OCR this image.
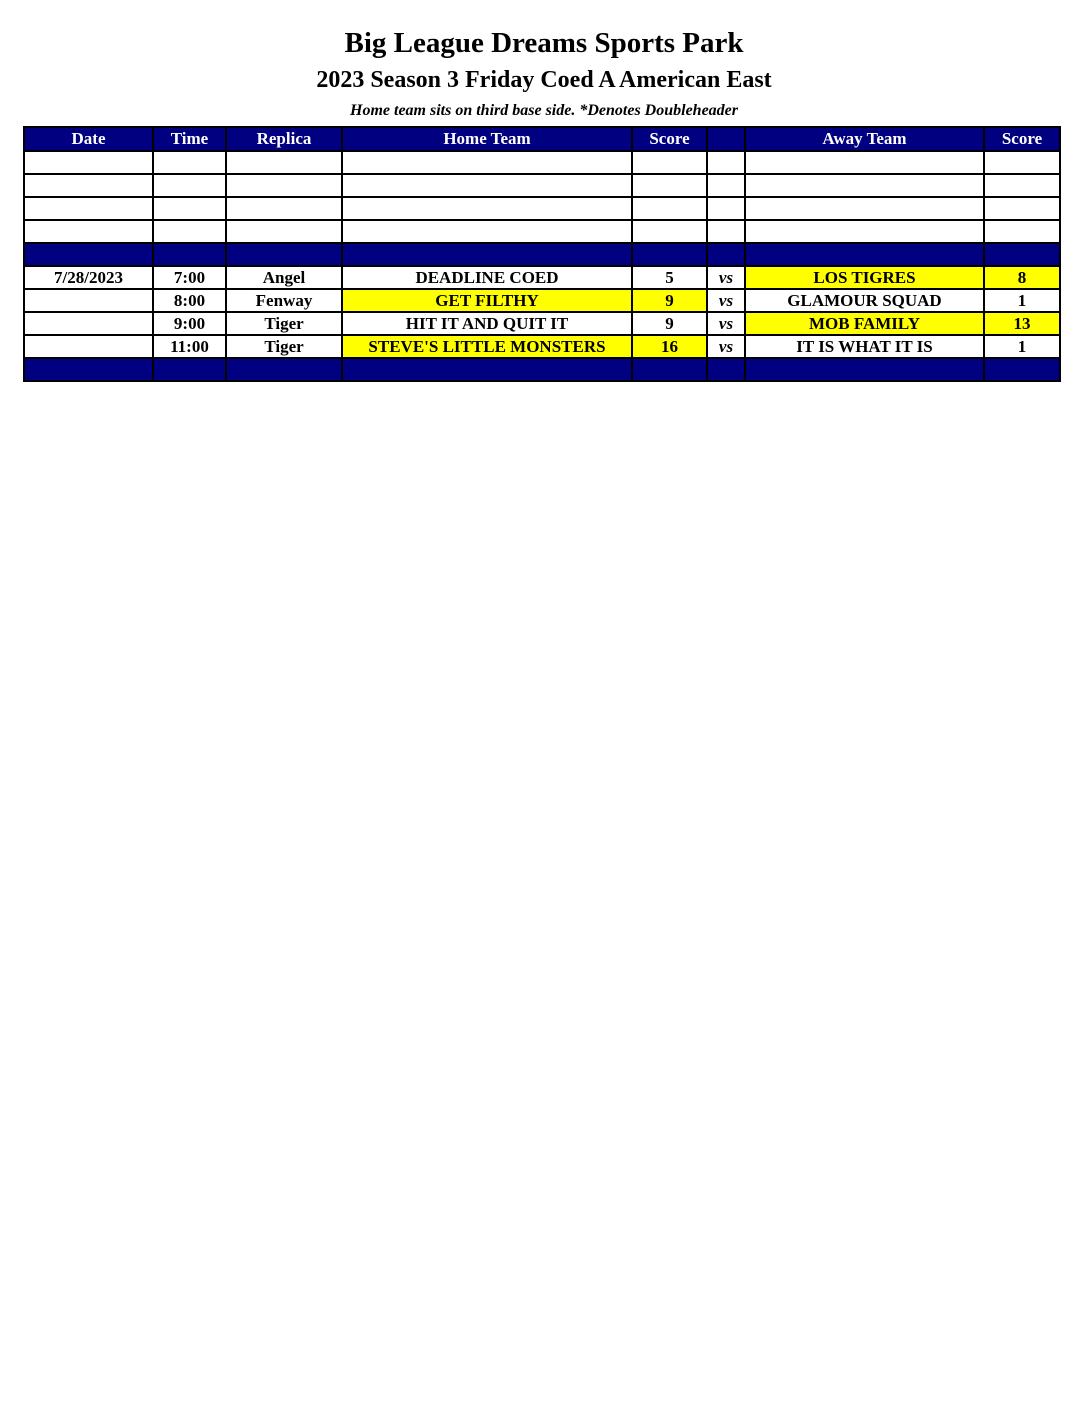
Big League Dreams Sports Park
2023 Season 3 Friday Coed A American East
Home team sits on third base side. *Denotes Doubleheader
Date	Time	Replica	Home Team	Score		Away Team	Score

7/28/2023	7:00	Angel	DEADLINE COED	5	vs	LOS TIGRES	8
	8:00	Fenway	GET FILTHY	9	vs	GLAMOUR SQUAD	1
	9:00	Tiger	HIT IT AND QUIT IT	9	vs	MOB FAMILY	13
	11:00	Tiger	STEVE'S LITTLE MONSTERS	16	vs	IT IS WHAT IT IS	1
